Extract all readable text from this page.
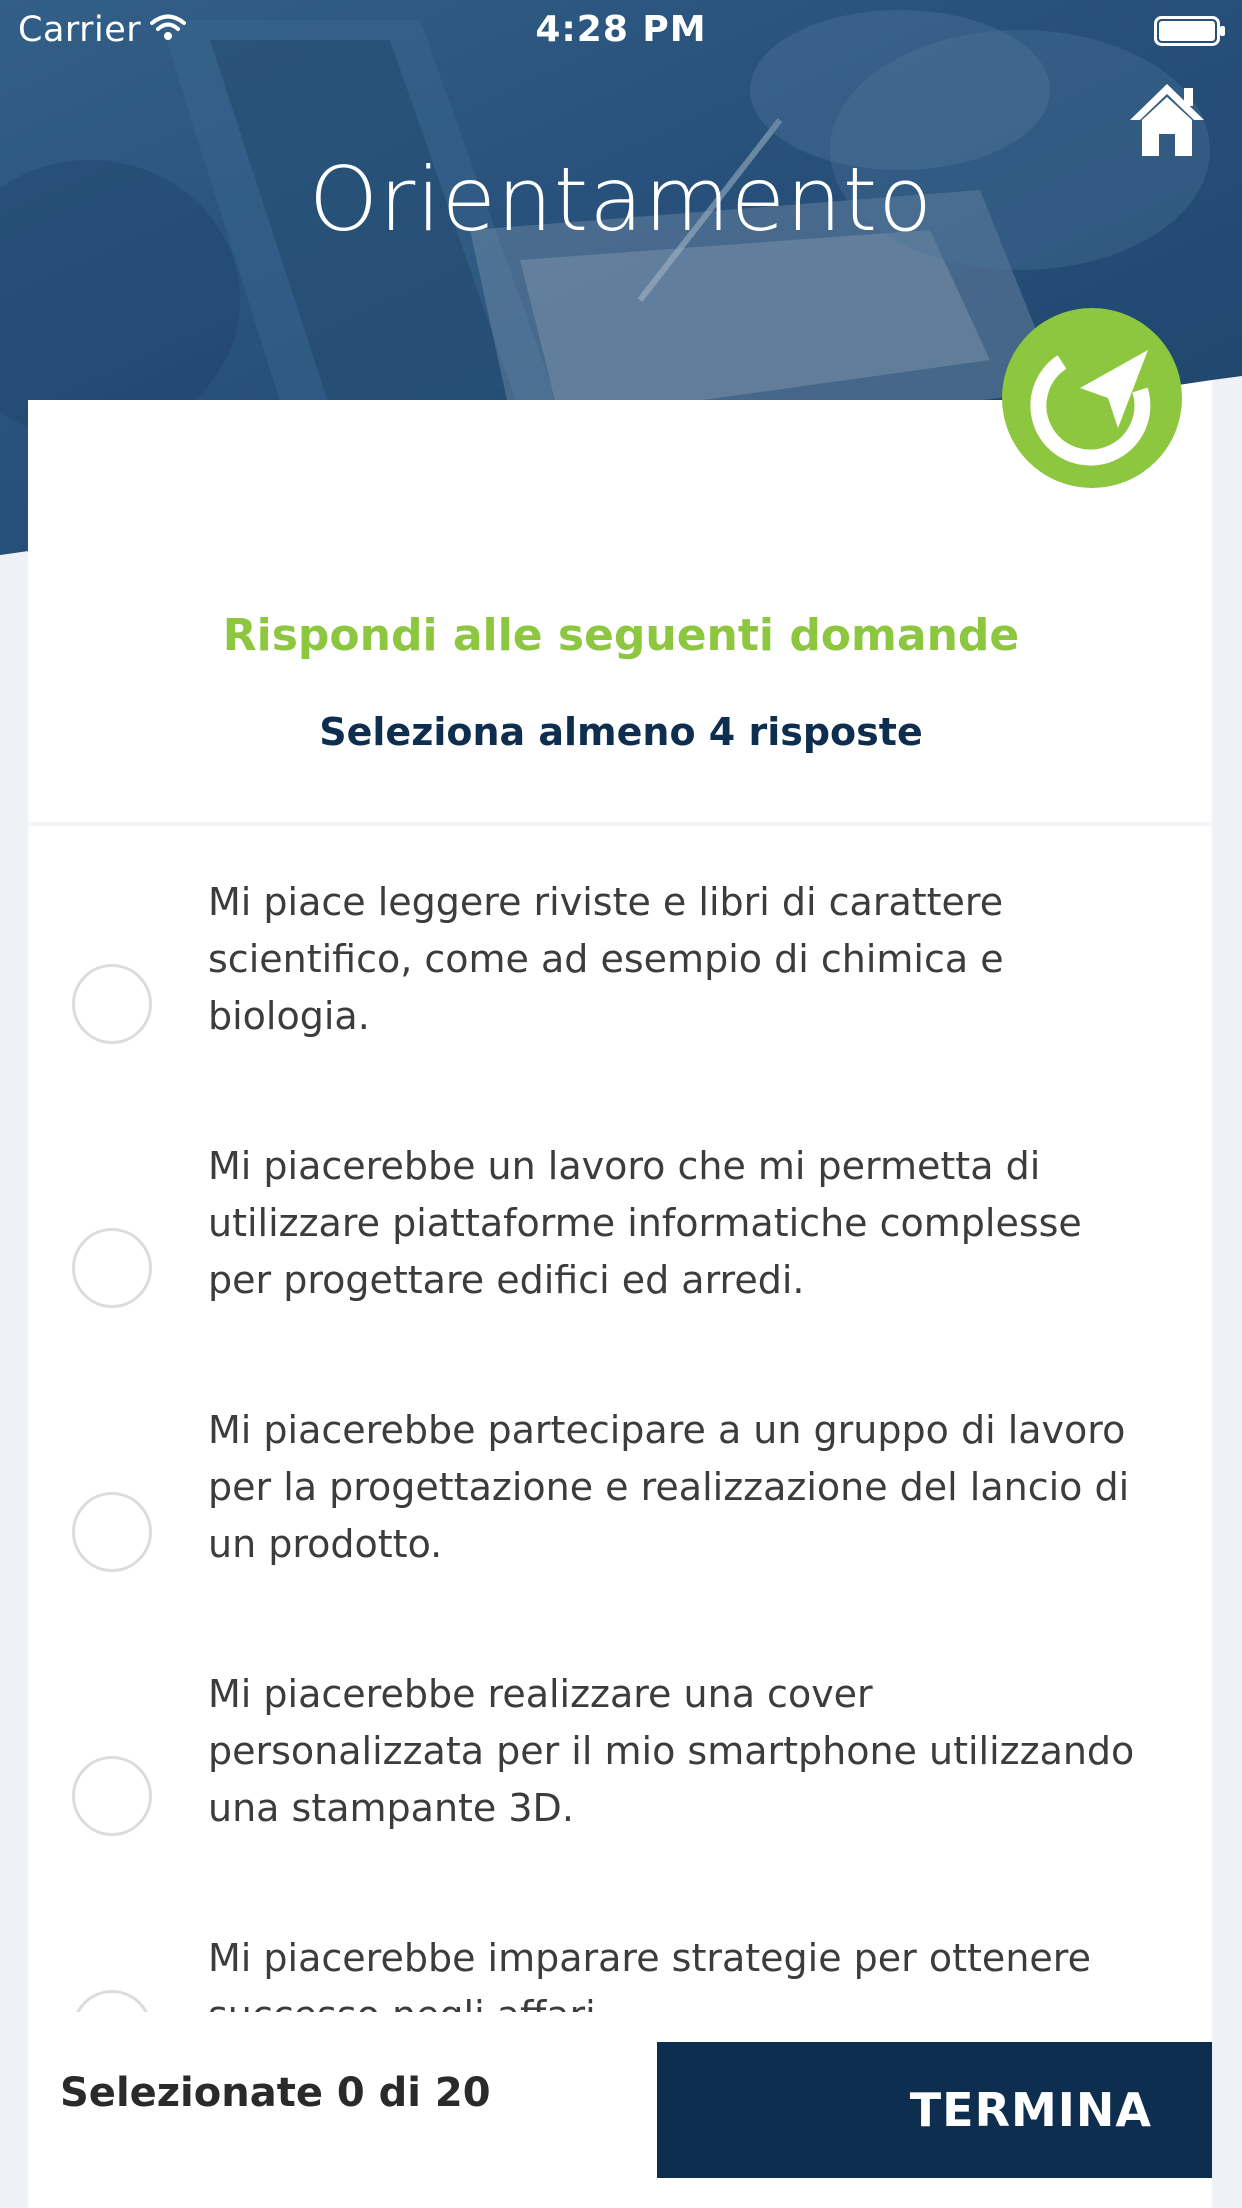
Carrier	4:28 PM
Orientamento
Rispondi alle seguenti domande
Seleziona almeno 4 risposte
Mi piace leggere riviste e libri di carattere scientifico, come ad esempio di chimica e biologia.
Mi piacerebbe un lavoro che mi permetta di utilizzare piattaforme informatiche complesse per progettare edifici ed arredi.
Mi piacerebbe partecipare a un gruppo di lavoro per la progettazione e realizzazione del lancio di un prodotto.
Mi piacerebbe realizzare una cover personalizzata per il mio smartphone utilizzando una stampante 3D.
Mi piacerebbe imparare strategie per ottenere
Selezionate 0 di 20	TERMINA
